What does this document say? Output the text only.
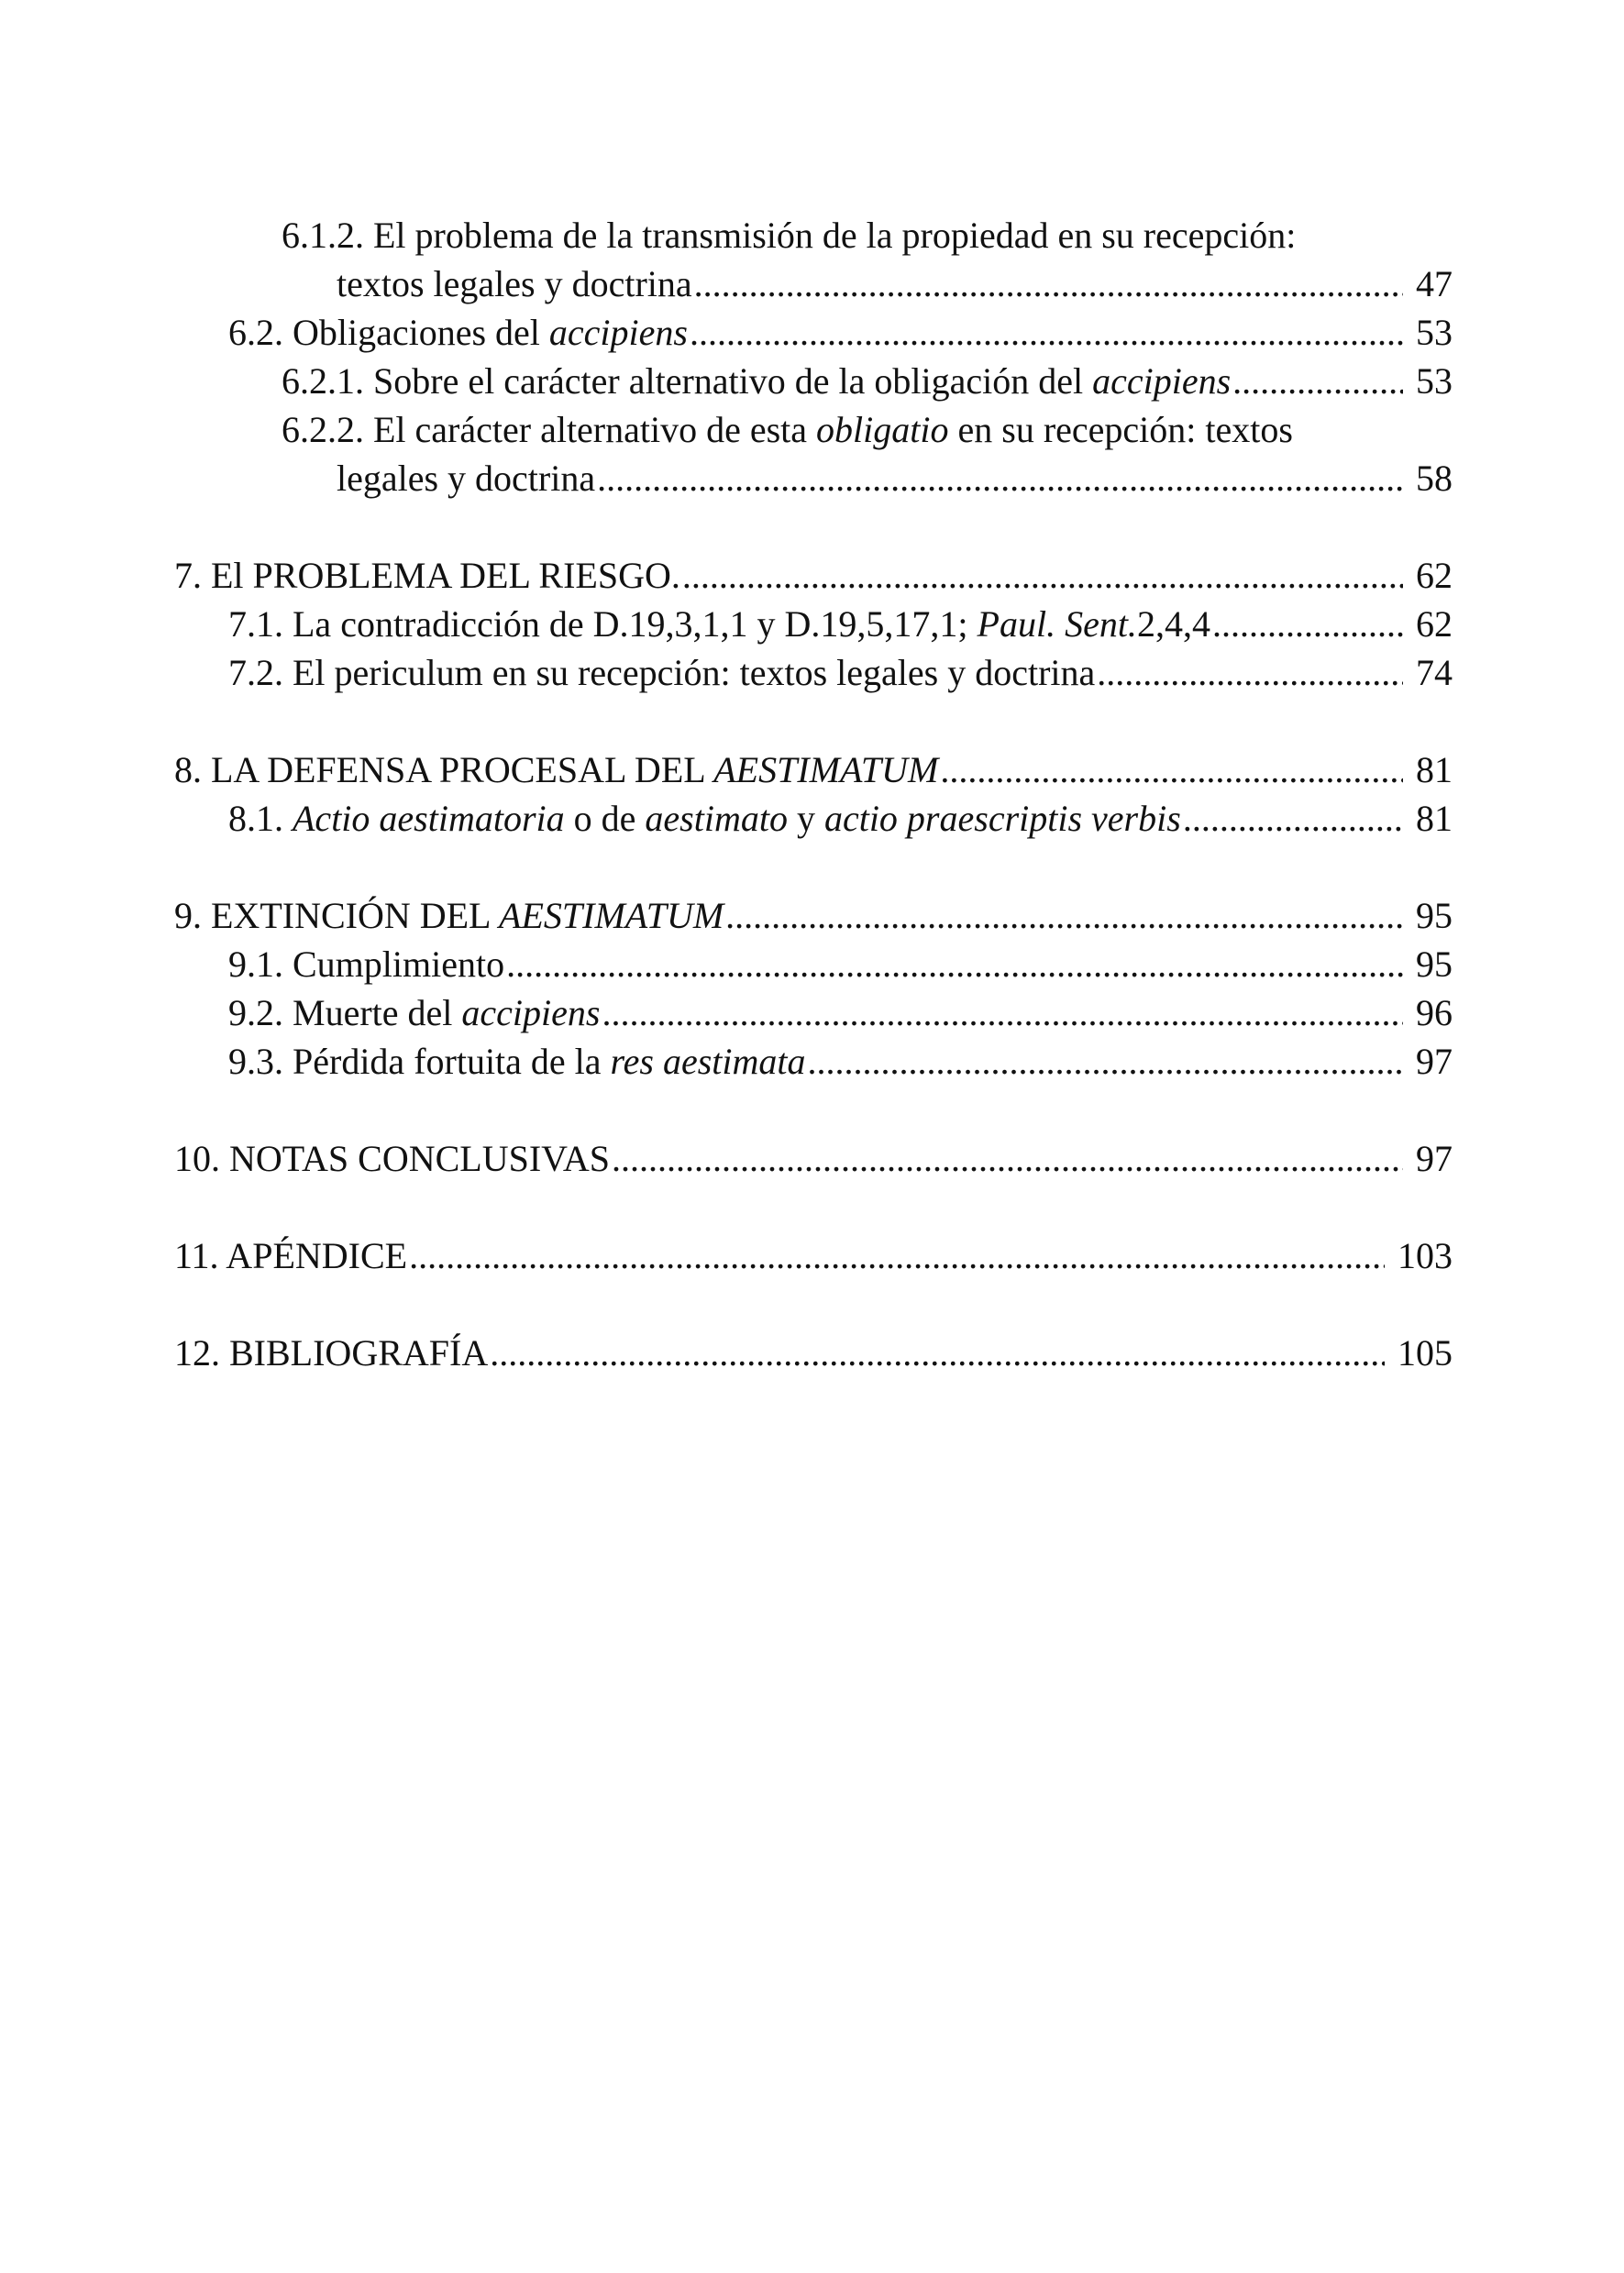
6.1.2. El problema de la transmisión de la propiedad en su recepción:
textos legales y doctrina .....	47
6.2. Obligaciones del accipiens .....	53
6.2.1. Sobre el carácter alternativo de la obligación del accipiens .....	53
6.2.2. El carácter alternativo de esta obligatio en su recepción: textos
legales y doctrina .....	58
7. El PROBLEMA DEL RIESGO. .....	62
7.1. La contradicción de D.19,3,1,1 y D.19,5,17,1; Paul. Sent.2,4,4 .....	62
7.2. El periculum en su recepción: textos legales y doctrina .....	74
8. LA DEFENSA PROCESAL DEL AESTIMATUM .....	81
8.1. Actio aestimatoria o de aestimato y actio praescriptis verbis .....	81
9. EXTINCIÓN DEL AESTIMATUM .....	95
9.1. Cumplimiento .....	95
9.2. Muerte del accipiens .....	96
9.3. Pérdida fortuita de la res aestimata .....	97
10. NOTAS CONCLUSIVAS .....	97
11. APÉNDICE .....	103
12. BIBLIOGRAFÍA .....	105
